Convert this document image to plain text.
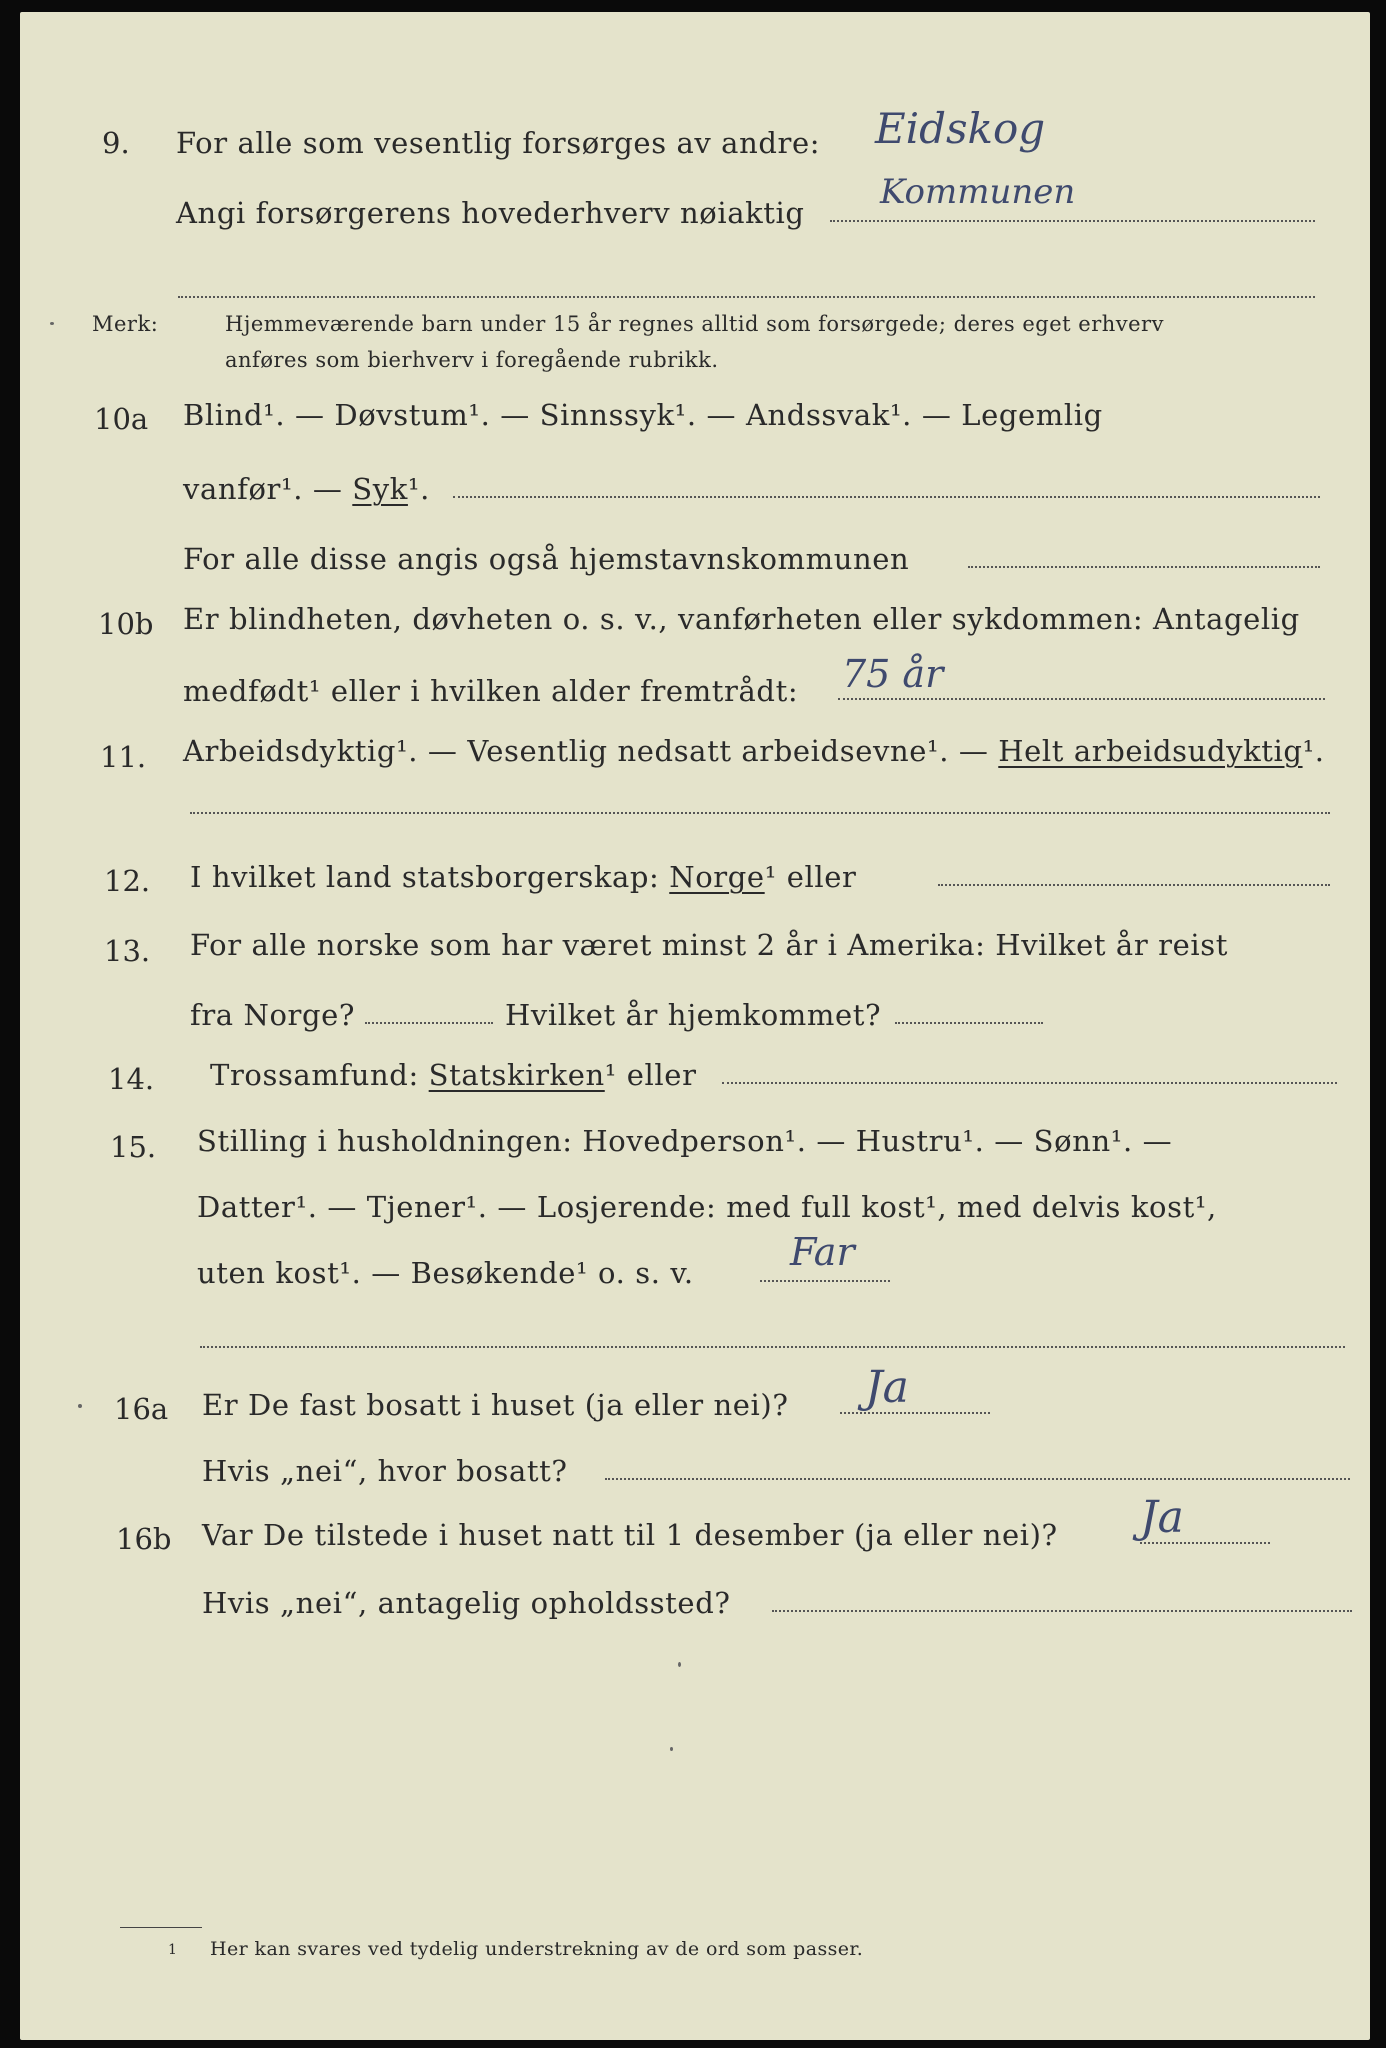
9. For alle som vesentlig forsørges av andre: Eidskog
Angi forsørgerens hovederhverv nøiaktig
Kommunen
Merk:	Hjemmeværende barn under 15 år regnes alltid som forsørgede; deres eget erhverv
anføres som bierhverv i foregående rubrikk.
10a Blind¹. — Døvstum¹. — Sinnssyk¹. — Andssvak¹. — Legemlig
vanfør¹. — Syk¹.
For alle disse angis også hjemstavnskommunen
10b Er blindheten, døvheten o. s. v., vanførheten eller sykdommen: Antagelig
medfødt¹ eller i hvilken alder fremtrådt: 75 år
11. Arbeidsdyktig¹. — Vesentlig nedsatt arbeidsevne¹. — Helt arbeidsudyktig¹.
12. I hvilket land statsborgerskap: Norge¹ eller
13. For alle norske som har været minst 2 år i Amerika: Hvilket år reist
fra Norge?	Hvilket år hjemkommet?
14. Trossamfund: Statskirken¹ eller
15. Stilling i husholdningen: Hovedperson¹. — Hustru¹. — Sønn¹. —
Datter¹. — Tjener¹. — Losjerende: med full kost¹, med delvis kost¹,
uten kost¹. — Besøkende¹ o. s. v.	Far
16a Er De fast bosatt i huset (ja eller nei)? Ja
Hvis „nei“, hvor bosatt?
16b Var De tilstede i huset natt til 1 desember (ja eller nei)? Ja
Hvis „nei“, antagelig opholdssted?
1 Her kan svares ved tydelig understrekning av de ord som passer.
